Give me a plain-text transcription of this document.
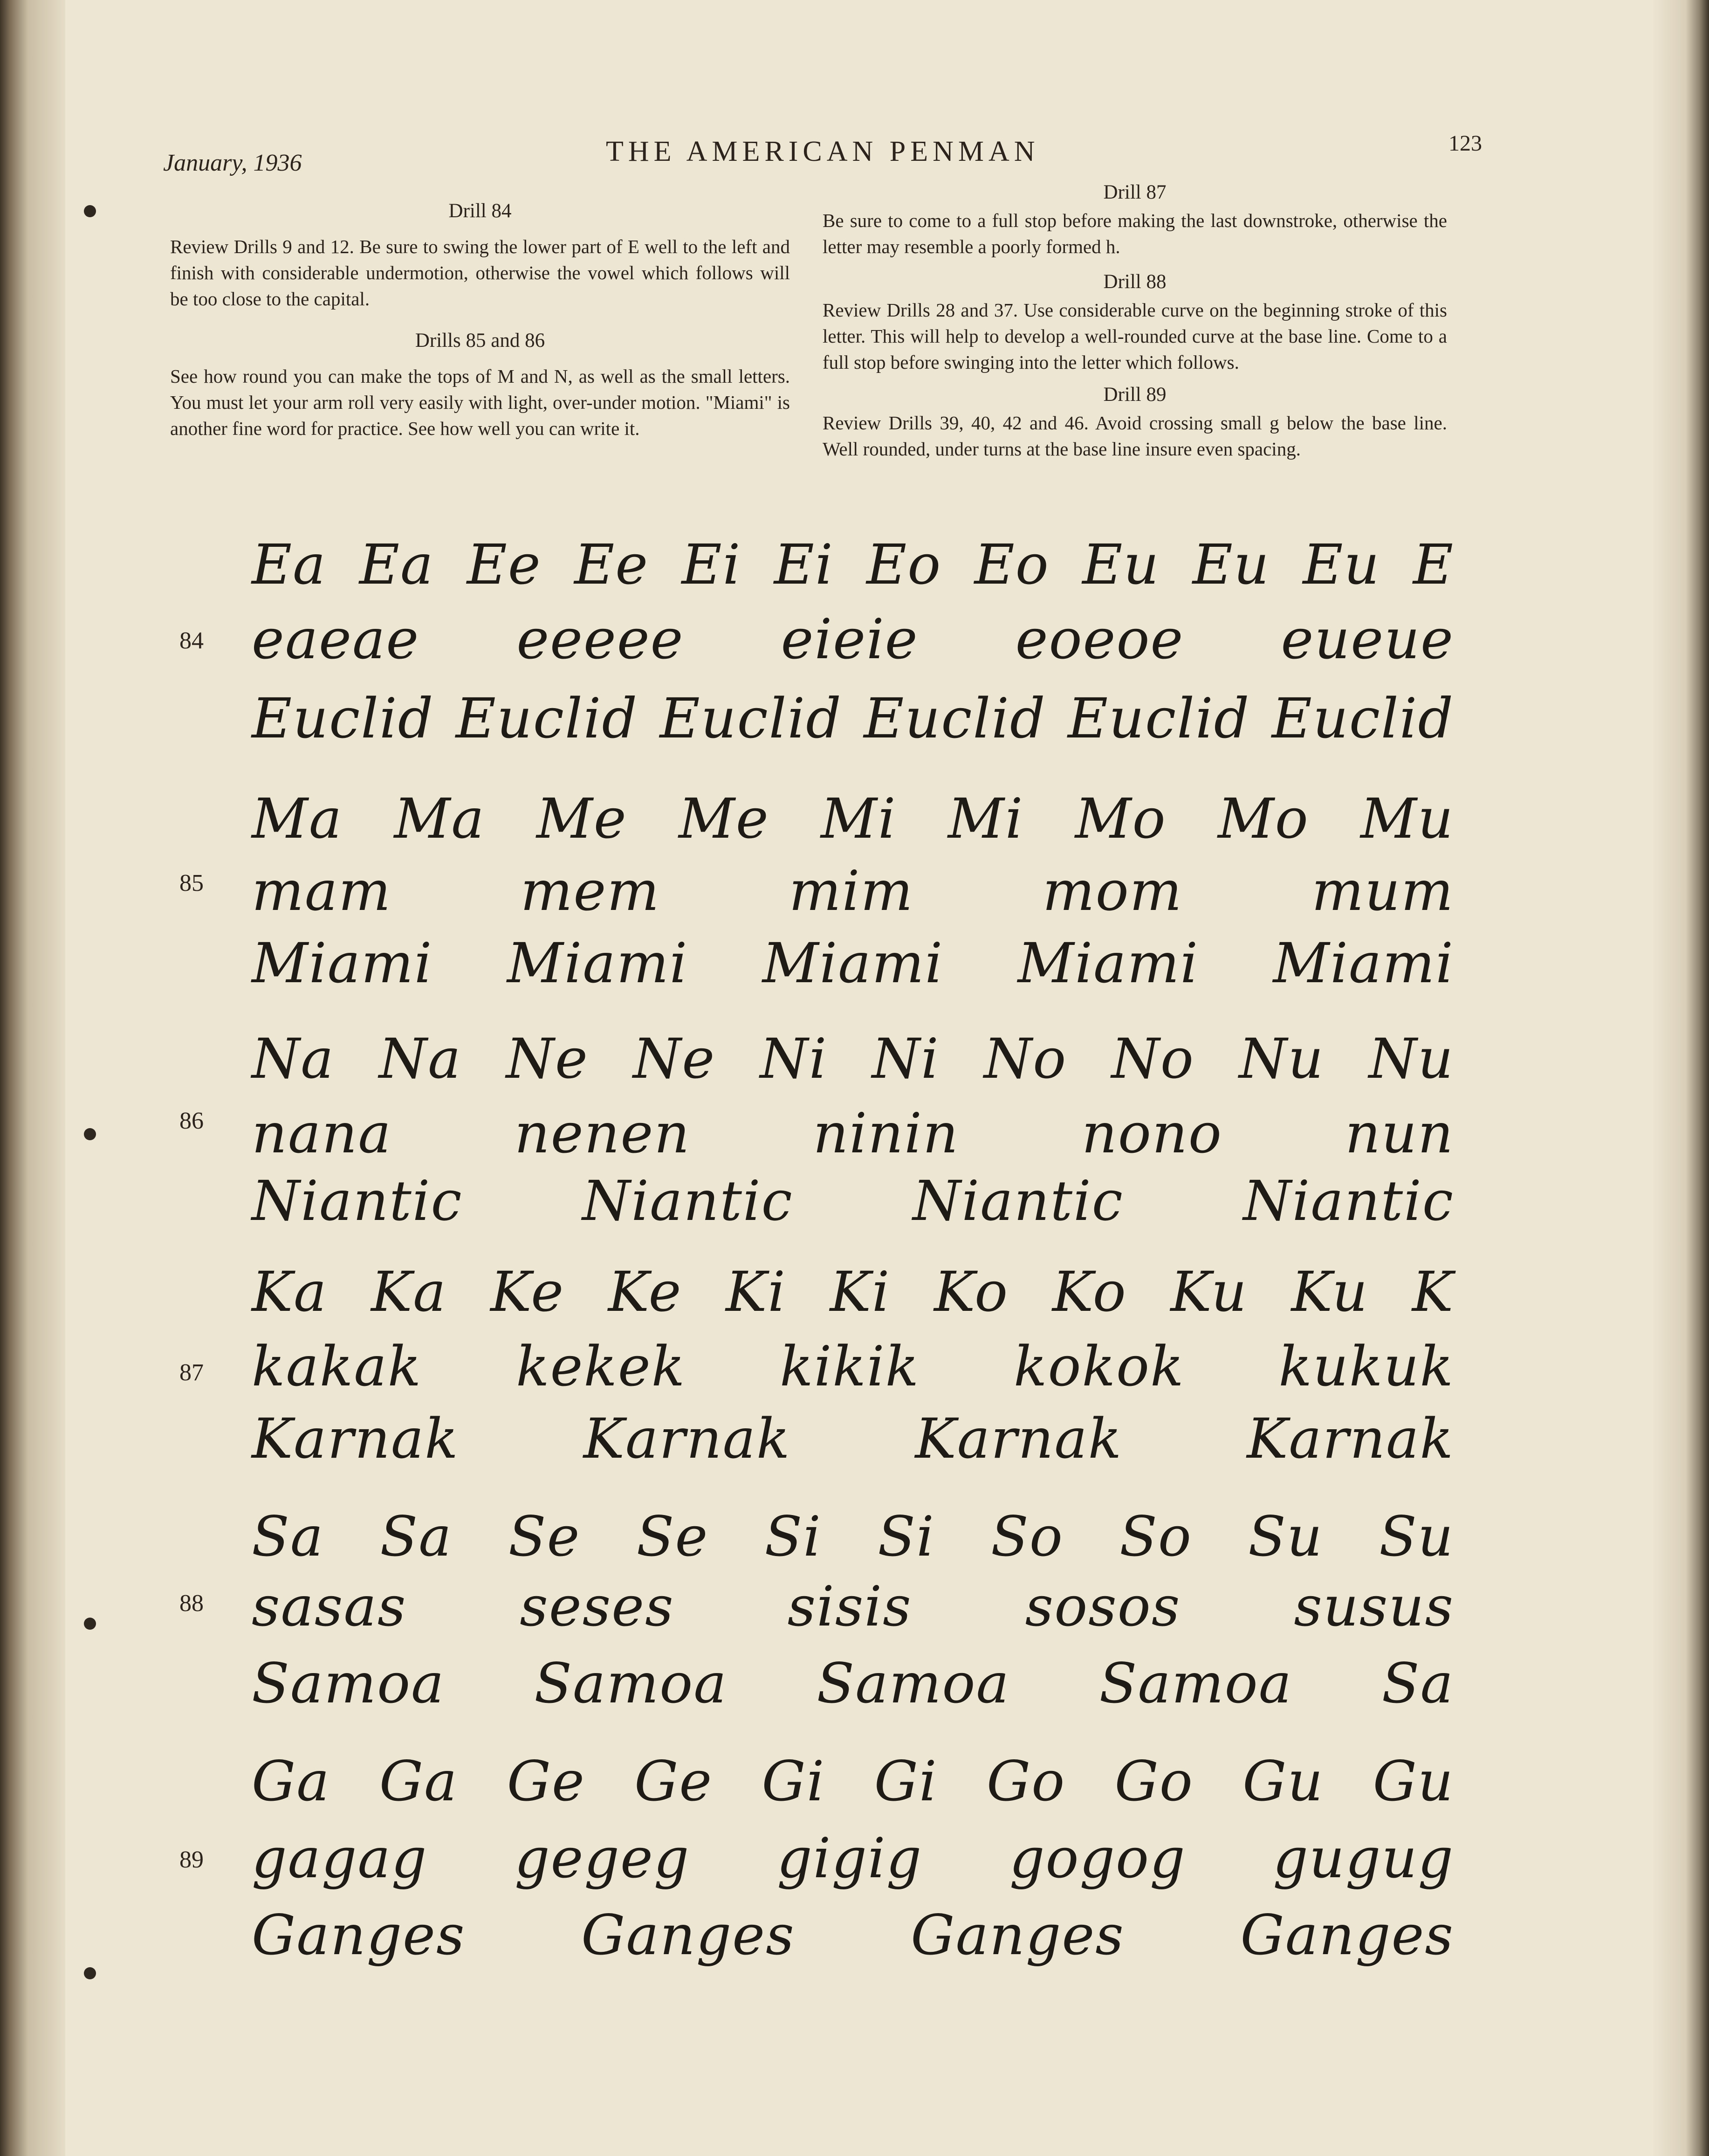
January, 1936	THE AMERICAN PENMAN	123
Drill 84

Review Drills 9 and 12. Be sure to swing the lower part of E well to the left and finish with considerable undermotion, otherwise the vowel which follows will be too close to the capital.

Drills 85 and 86

See how round you can make the tops of M and N, as well as the small letters. You must let your arm roll very easily with light, over-under motion. "Miami" is another fine word for practice. See how well you can write it.

Drill 87

Be sure to come to a full stop before making the last downstroke, otherwise the letter may resemble a poorly formed h.

Drill 88

Review Drills 28 and 37. Use considerable curve on the beginning stroke of this letter. This will help to develop a well-rounded curve at the base line. Come to a full stop before swinging into the letter which follows.

Drill 89

Review Drills 39, 40, 42 and 46. Avoid crossing small g below the base line. Well rounded, under turns at the base line insure even spacing.

84
Ea Ea Ee Ee Ei Ei Eo Eo Eu Eu Eu E
eaeae eeeee eieie eoeoe eueue
Euclid Euclid Euclid Euclid Euclid Euclid
85
Ma Ma Me Me Mi Mi Mo Mo Mu
mam mem mim mom mum
Miami Miami Miami Miami Miami
86
Na Na Ne Ne Ni Ni No No Nu Nu
nana nenen ninin nono nun
Niantic Niantic Niantic Niantic
87
Ka Ka Ke Ke Ki Ki Ko Ko Ku Ku K
kakak kekek kikik kokok kukuk
Karnak Karnak Karnak Karnak
88
Sa Sa Se Se Si Si So So Su Su
sasas seses sisis sosos susus
Samoa Samoa Samoa Samoa Sa
89
Ga Ga Ge Ge Gi Gi Go Go Gu Gu
gagag gegeg gigig gogog gugug
Ganges Ganges Ganges Ganges
